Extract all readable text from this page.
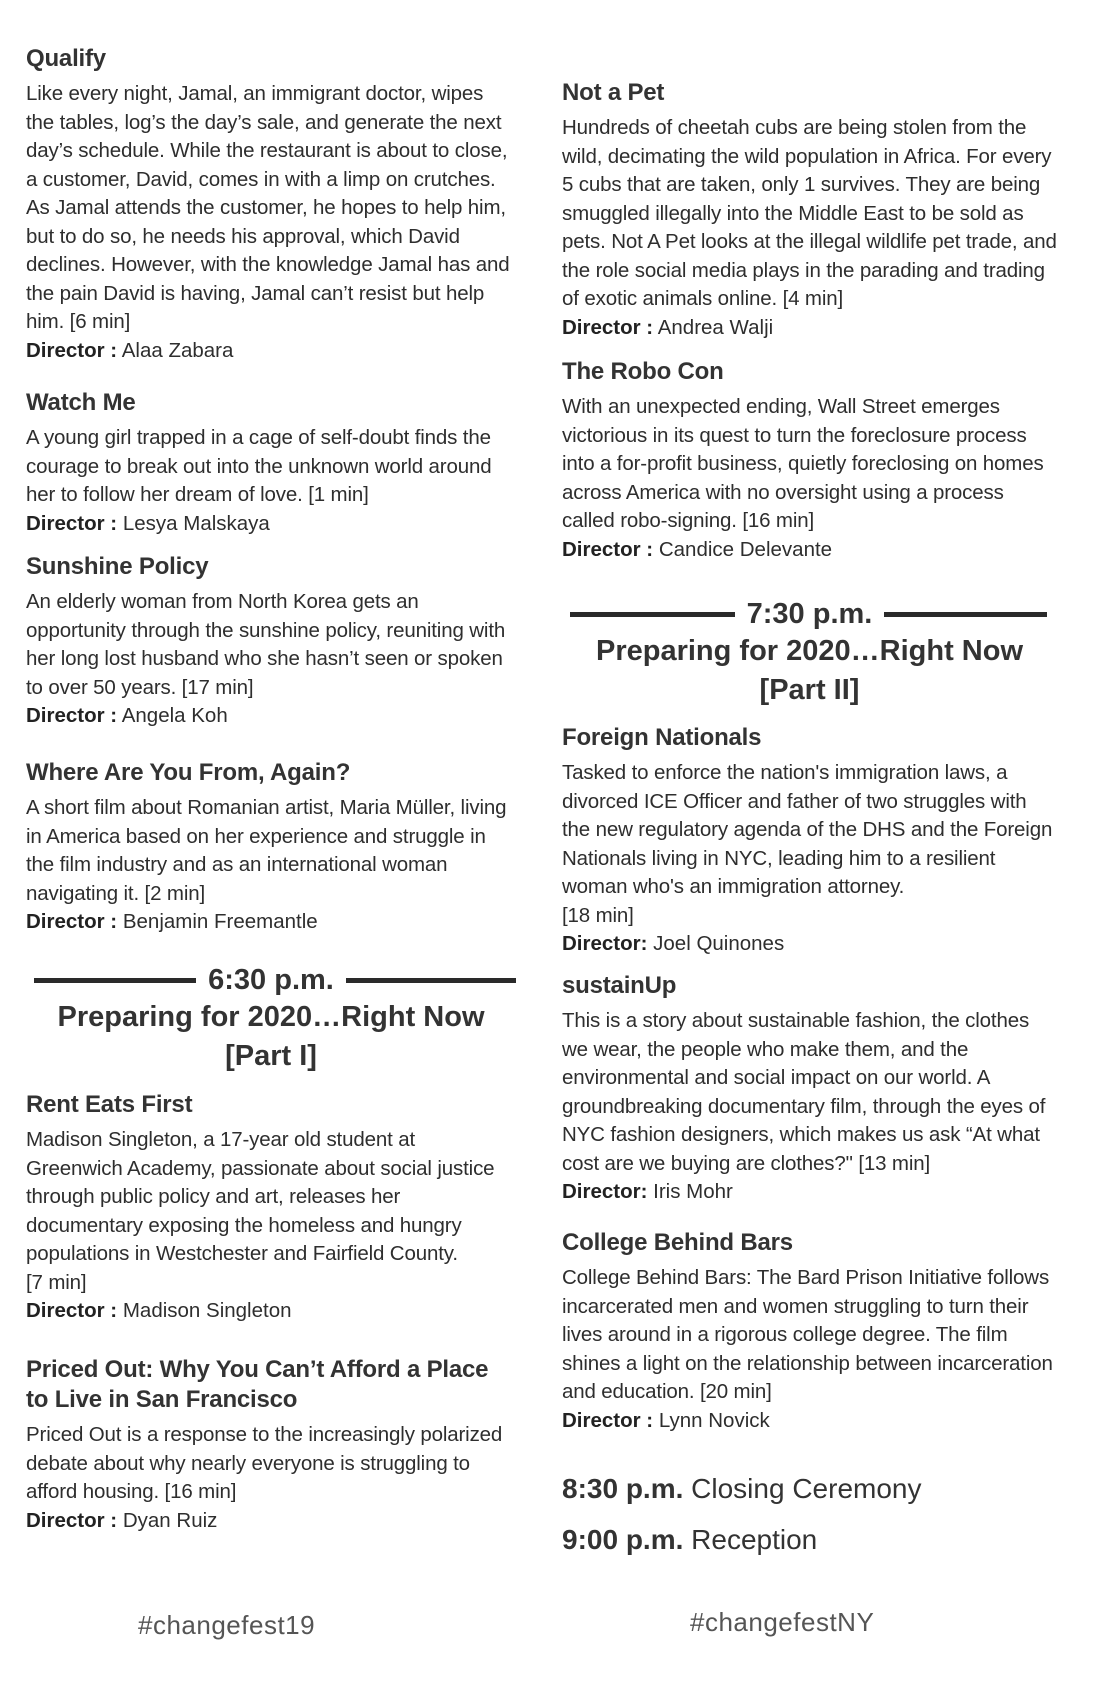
Qualify

Like every night, Jamal, an immigrant doctor, wipes the tables, log’s the day’s sale, and generate the next day’s schedule. While the restaurant is about to close, a customer, David, comes in with a limp on crutches. As Jamal attends the customer, he hopes to help him, but to do so, he needs his approval, which David declines. However, with the knowledge Jamal has and the pain David is having, Jamal can’t resist but help him. [6 min]

Director : Alaa Zabara

Watch Me

A young girl trapped in a cage of self-doubt finds the courage to break out into the unknown world around her to follow her dream of love. [1 min]

Director : Lesya Malskaya

Sunshine Policy

An elderly woman from North Korea gets an opportunity through the sunshine policy, reuniting with her long lost husband who she hasn’t seen or spoken to over 50 years. [17 min]

Director : Angela Koh

Where Are You From, Again?

A short film about Romanian artist, Maria Müller, living in America based on her experience and struggle in the film industry and as an international woman navigating it. [2 min]

Director : Benjamin Freemantle

6:30 p.m.
Preparing for 2020…Right Now
[Part I]
Rent Eats First

Madison Singleton, a 17-year old student at Greenwich Academy, passionate about social justice through public policy and art, releases her documentary exposing the homeless and hungry populations in Westchester and Fairfield County.

[7 min]

Director : Madison Singleton

Priced Out: Why You Can’t Afford a Place to Live in San Francisco

Priced Out is a response to the increasingly polarized debate about why nearly everyone is struggling to afford housing. [16 min]

Director : Dyan Ruiz

#changefest19
Not a Pet

Hundreds of cheetah cubs are being stolen from the wild, decimating the wild population in Africa. For every 5 cubs that are taken, only 1 survives. They are being smuggled illegally into the Middle East to be sold as pets. Not A Pet looks at the illegal wildlife pet trade, and the role social media plays in the parading and trading of exotic animals online. [4 min]

Director : Andrea Walji

The Robo Con

With an unexpected ending, Wall Street emerges victorious in its quest to turn the foreclosure process into a for-profit business, quietly foreclosing on homes across America with no oversight using a process called robo-signing. [16 min]

Director : Candice Delevante

7:30 p.m.
Preparing for 2020…Right Now
[Part II]
Foreign Nationals

Tasked to enforce the nation's immigration laws, a divorced ICE Officer and father of two struggles with the new regulatory agenda of the DHS and the Foreign Nationals living in NYC, leading him to a resilient woman who's an immigration attorney.

[18 min]

Director: Joel Quinones

sustainUp

This is a story about sustainable fashion, the clothes we wear, the people who make them, and the environmental and social impact on our world. A groundbreaking documentary film, through the eyes of NYC fashion designers, which makes us ask “At what cost are we buying are clothes?" [13 min]

Director: Iris Mohr

College Behind Bars

College Behind Bars: The Bard Prison Initiative follows incarcerated men and women struggling to turn their lives around in a rigorous college degree. The film shines a light on the relationship between incarceration and education. [20 min]

Director : Lynn Novick

8:30 p.m. Closing Ceremony
9:00 p.m. Reception
#changefestNY
